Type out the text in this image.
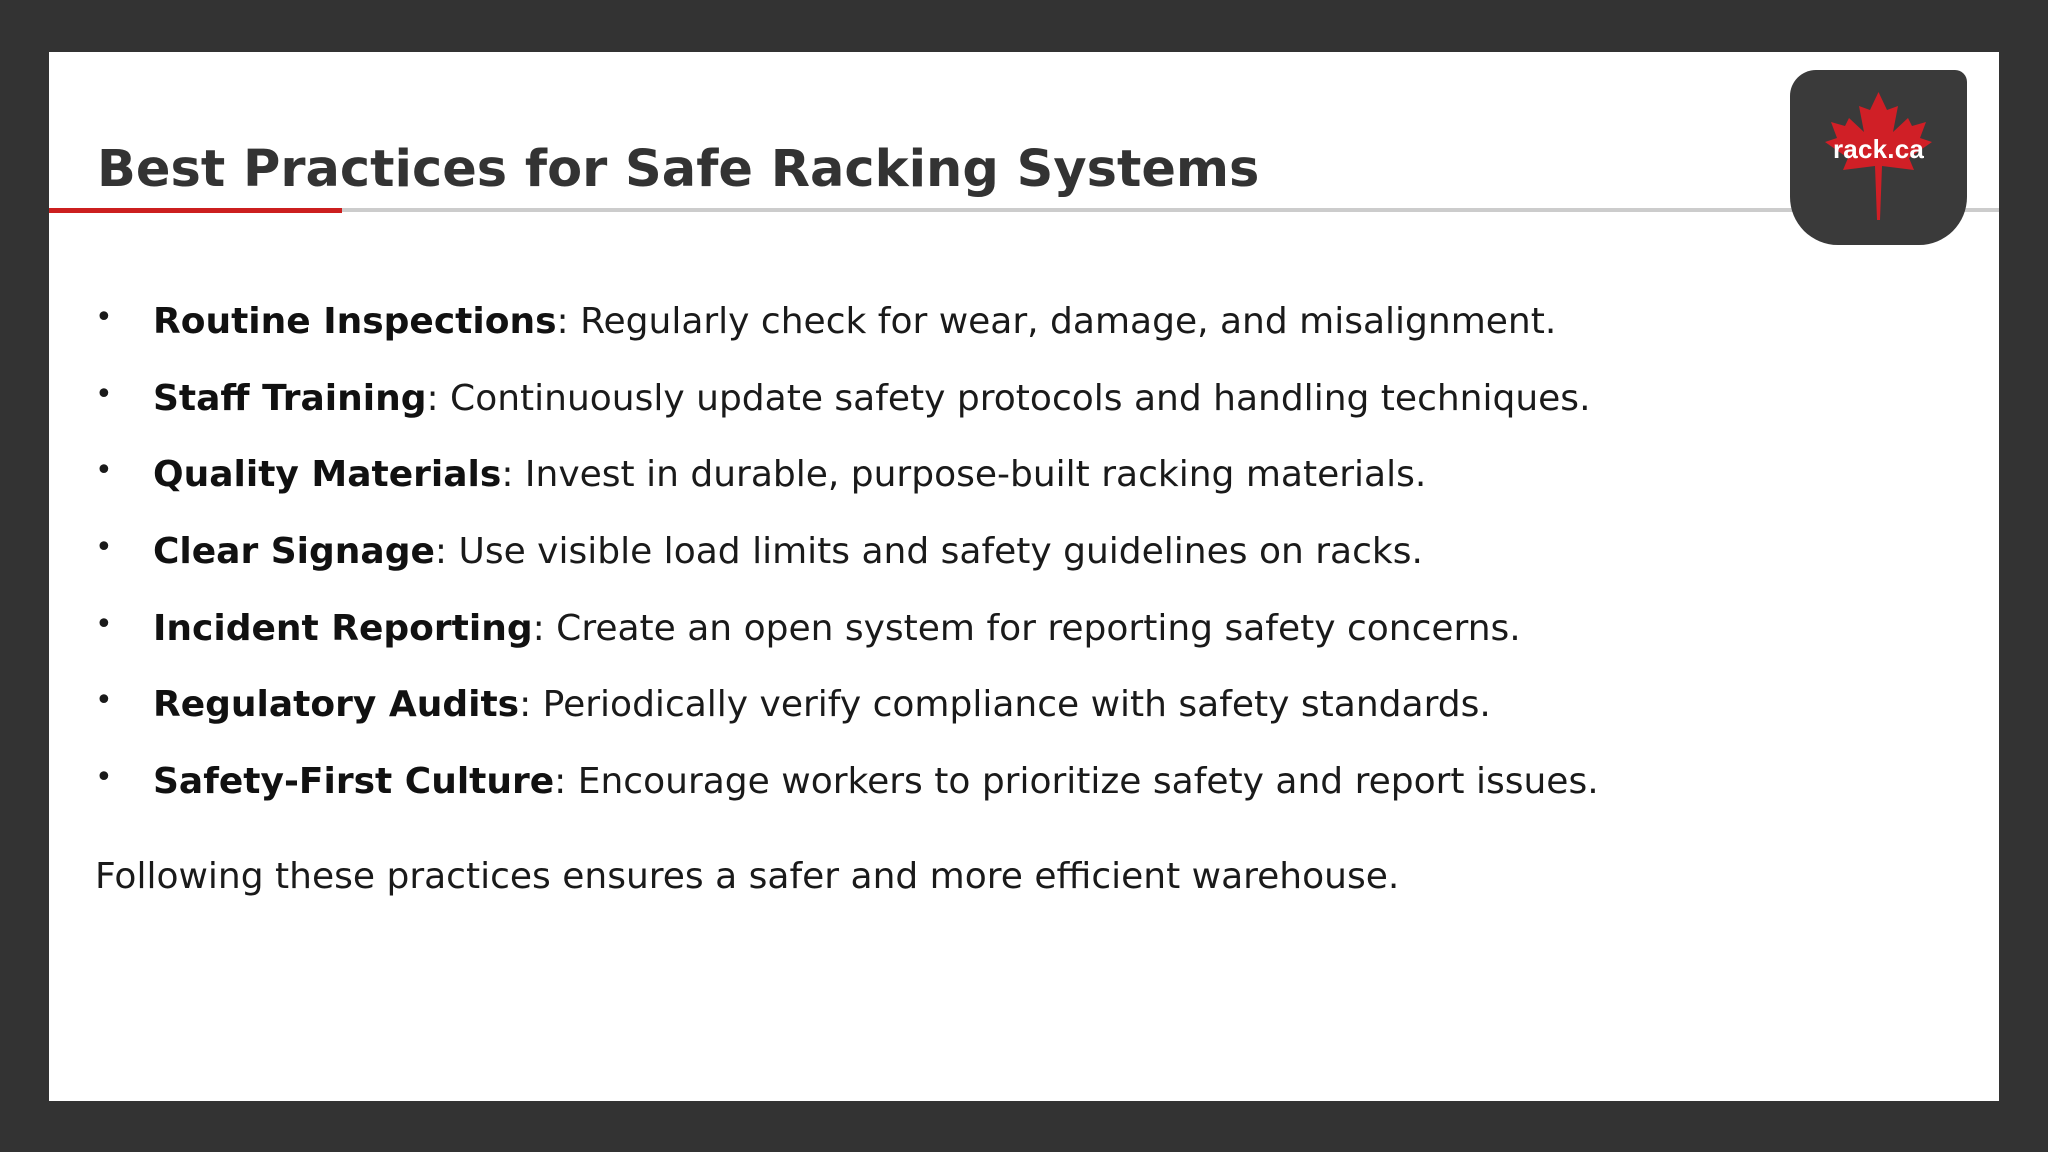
Best Practices for Safe Racking Systems	rack.ca
• Routine Inspections: Regularly check for wear, damage, and misalignment.
• Staff Training: Continuously update safety protocols and handling techniques.
• Quality Materials: Invest in durable, purpose-built racking materials.
• Clear Signage: Use visible load limits and safety guidelines on racks.
• Incident Reporting: Create an open system for reporting safety concerns.
• Regulatory Audits: Periodically verify compliance with safety standards.
• Safety-First Culture: Encourage workers to prioritize safety and report issues.

Following these practices ensures a safer and more efficient warehouse.
